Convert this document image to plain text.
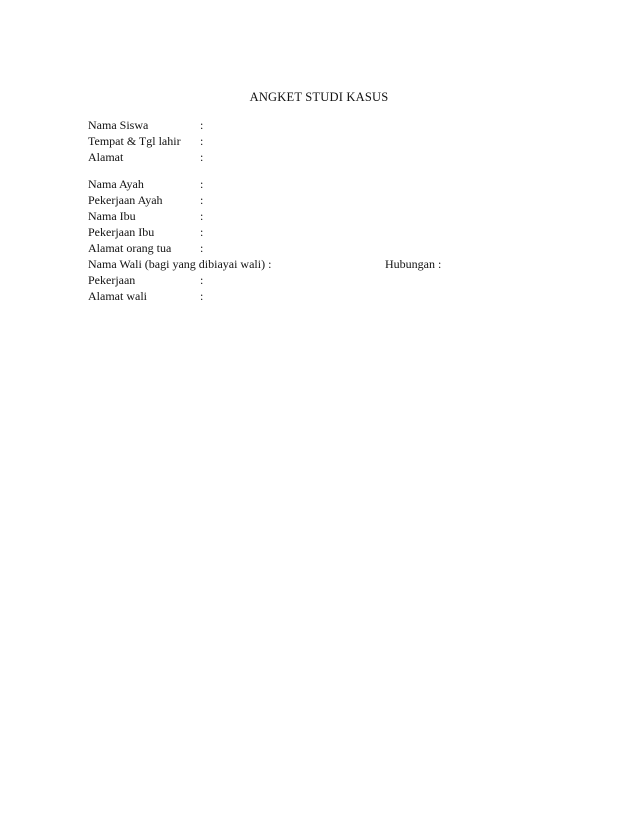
ANGKET STUDI KASUS
Nama Siswa	:
Tempat & Tgl lahir :
Alamat	:
Nama Ayah	:
Pekerjaan Ayah	:
Nama Ibu	:
Pekerjaan Ibu	:
Alamat orang tua :
Nama Wali (bagi yang dibiayai wali) :	Hubungan :
Pekerjaan	:
Alamat wali	:
